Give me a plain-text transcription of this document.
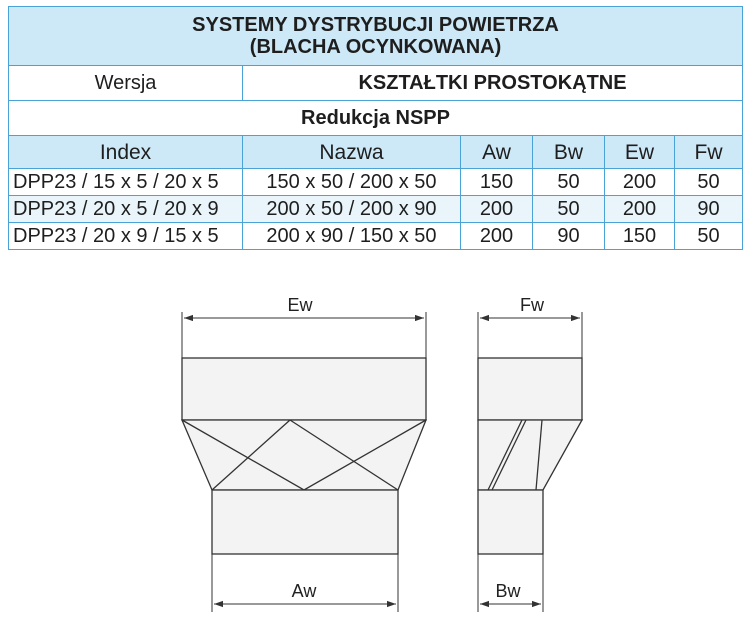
SYSTEMY DYSTRYBUCJI POWIETRZA
(BLACHA OCYNKOWANA)					

Wersja	KSZTAŁTKI PROSTOKĄTNE				
Redukcja NSPP					
Index	Nazwa	Aw	Bw	Ew	Fw
DPP23 / 15 x 5 / 20 x 5	150 x 50 / 200 x 50	150	50	200	50
DPP23 / 20 x 5 / 20 x 9	200 x 50 / 200 x 90	200	50	200	90
DPP23 / 20 x 9 / 15 x 5	200 x 90 / 150 x 50	200	90	150	50
Ew
Aw
Fw
Bw
